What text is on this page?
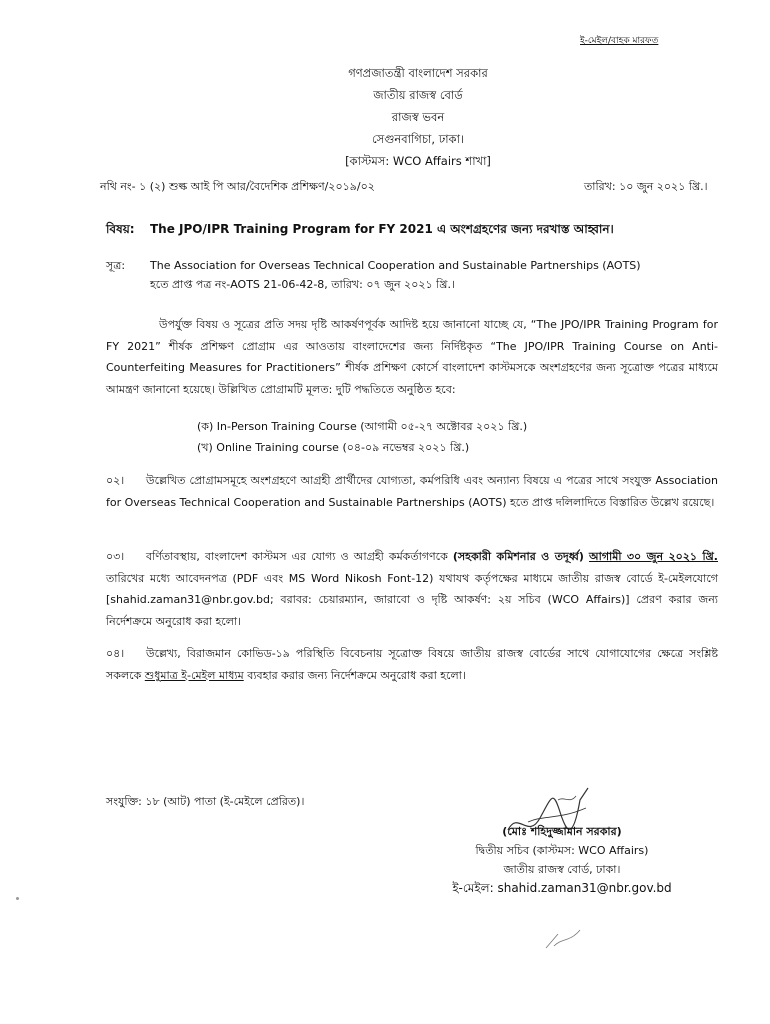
ই-মেইল/বাহক মারফত
গণপ্রজাতন্ত্রী বাংলাদেশ সরকার
জাতীয় রাজস্ব বোর্ড
রাজস্ব ভবন
সেগুনবাগিচা, ঢাকা।
[কাস্টমস: WCO Affairs শাখা]
নথি নং- ১ (২) শুল্ক আই পি আর/বৈদেশিক প্রশিক্ষণ/২০১৯/০২	তারিখ: ১০ জুন ২০২১ খ্রি.।
বিষয়: The JPO/IPR Training Program for FY 2021 এ অংশগ্রহণের জন্য দরখাস্ত আহ্বান।
সূত্র: The Association for Overseas Technical Cooperation and Sustainable Partnerships (AOTS)
হতে প্রাপ্ত পত্র নং-AOTS 21-06-42-8, তারিখ: ০৭ জুন ২০২১ খ্রি.।
উপর্যুক্ত বিষয় ও সূত্রের প্রতি সদয় দৃষ্টি আকর্ষণপূর্বক আদিষ্ট হয়ে জানানো যাচ্ছে যে, “The JPO/IPR Training Program for FY 2021” শীর্ষক প্রশিক্ষণ প্রোগ্রাম এর আওতায় বাংলাদেশের জন্য নির্দিষ্টকৃত “The JPO/IPR Training Course on Anti-Counterfeiting Measures for Practitioners” শীর্ষক প্রশিক্ষণ কোর্সে বাংলাদেশ কাস্টমসকে অংশগ্রহণের জন্য সূত্রোক্ত পত্রের মাধ্যমে আমন্ত্রণ জানানো হয়েছে। উল্লিখিত প্রোগ্রামটি মূলত: দুটি পদ্ধতিতে অনুষ্ঠিত হবে:
(ক) In-Person Training Course (আগামী ০৫-২৭ অক্টোবর ২০২১ খ্রি.)
(খ) Online Training course (০৪-০৯ নভেম্বর ২০২১ খ্রি.)
০২। উল্লেখিত প্রোগ্রামসমূহে অংশগ্রহণে আগ্রহী প্রার্থীদের যোগ্যতা, কর্মপরিধি এবং অন্যান্য বিষয়ে এ পত্রের সাথে সংযুক্ত Association for Overseas Technical Cooperation and Sustainable Partnerships (AOTS) হতে প্রাপ্ত দলিলাদিতে বিস্তারিত উল্লেখ রয়েছে।
০৩। বর্ণিতাবস্থায়, বাংলাদেশ কাস্টমস এর যোগ্য ও আগ্রহী কর্মকর্তাগণকে (সহকারী কমিশনার ও তদূর্ধ্ব) আগামী ৩০ জুন ২০২১ খ্রি. তারিখের মধ্যে আবেদনপত্র (PDF এবং MS Word Nikosh Font-12) যথাযথ কর্তৃপক্ষের মাধ্যমে জাতীয় রাজস্ব বোর্ডে ই-মেইলযোগে [shahid.zaman31@nbr.gov.bd; বরাবর: চেয়ারম্যান, জারাবো ও দৃষ্টি আকর্ষণ: ২য় সচিব (WCO Affairs)] প্রেরণ করার জন্য নির্দেশক্রমে অনুরোধ করা হলো।
০৪। উল্লেখ্য, বিরাজমান কোভিড-১৯ পরিস্থিতি বিবেচনায় সূত্রোক্ত বিষয়ে জাতীয় রাজস্ব বোর্ডের সাথে যোগাযোগের ক্ষেত্রে সংশ্লিষ্ট সকলকে শুধুমাত্র ই-মেইল মাধ্যম ব্যবহার করার জন্য নির্দেশক্রমে অনুরোধ করা হলো।
সংযুক্তি: ১৮ (আট) পাতা (ই-মেইলে প্রেরিত)।
(মোঃ শহিদুজ্জামান সরকার)
দ্বিতীয় সচিব (কাস্টমস: WCO Affairs)
জাতীয় রাজস্ব বোর্ড, ঢাকা।
ই-মেইল: shahid.zaman31@nbr.gov.bd
